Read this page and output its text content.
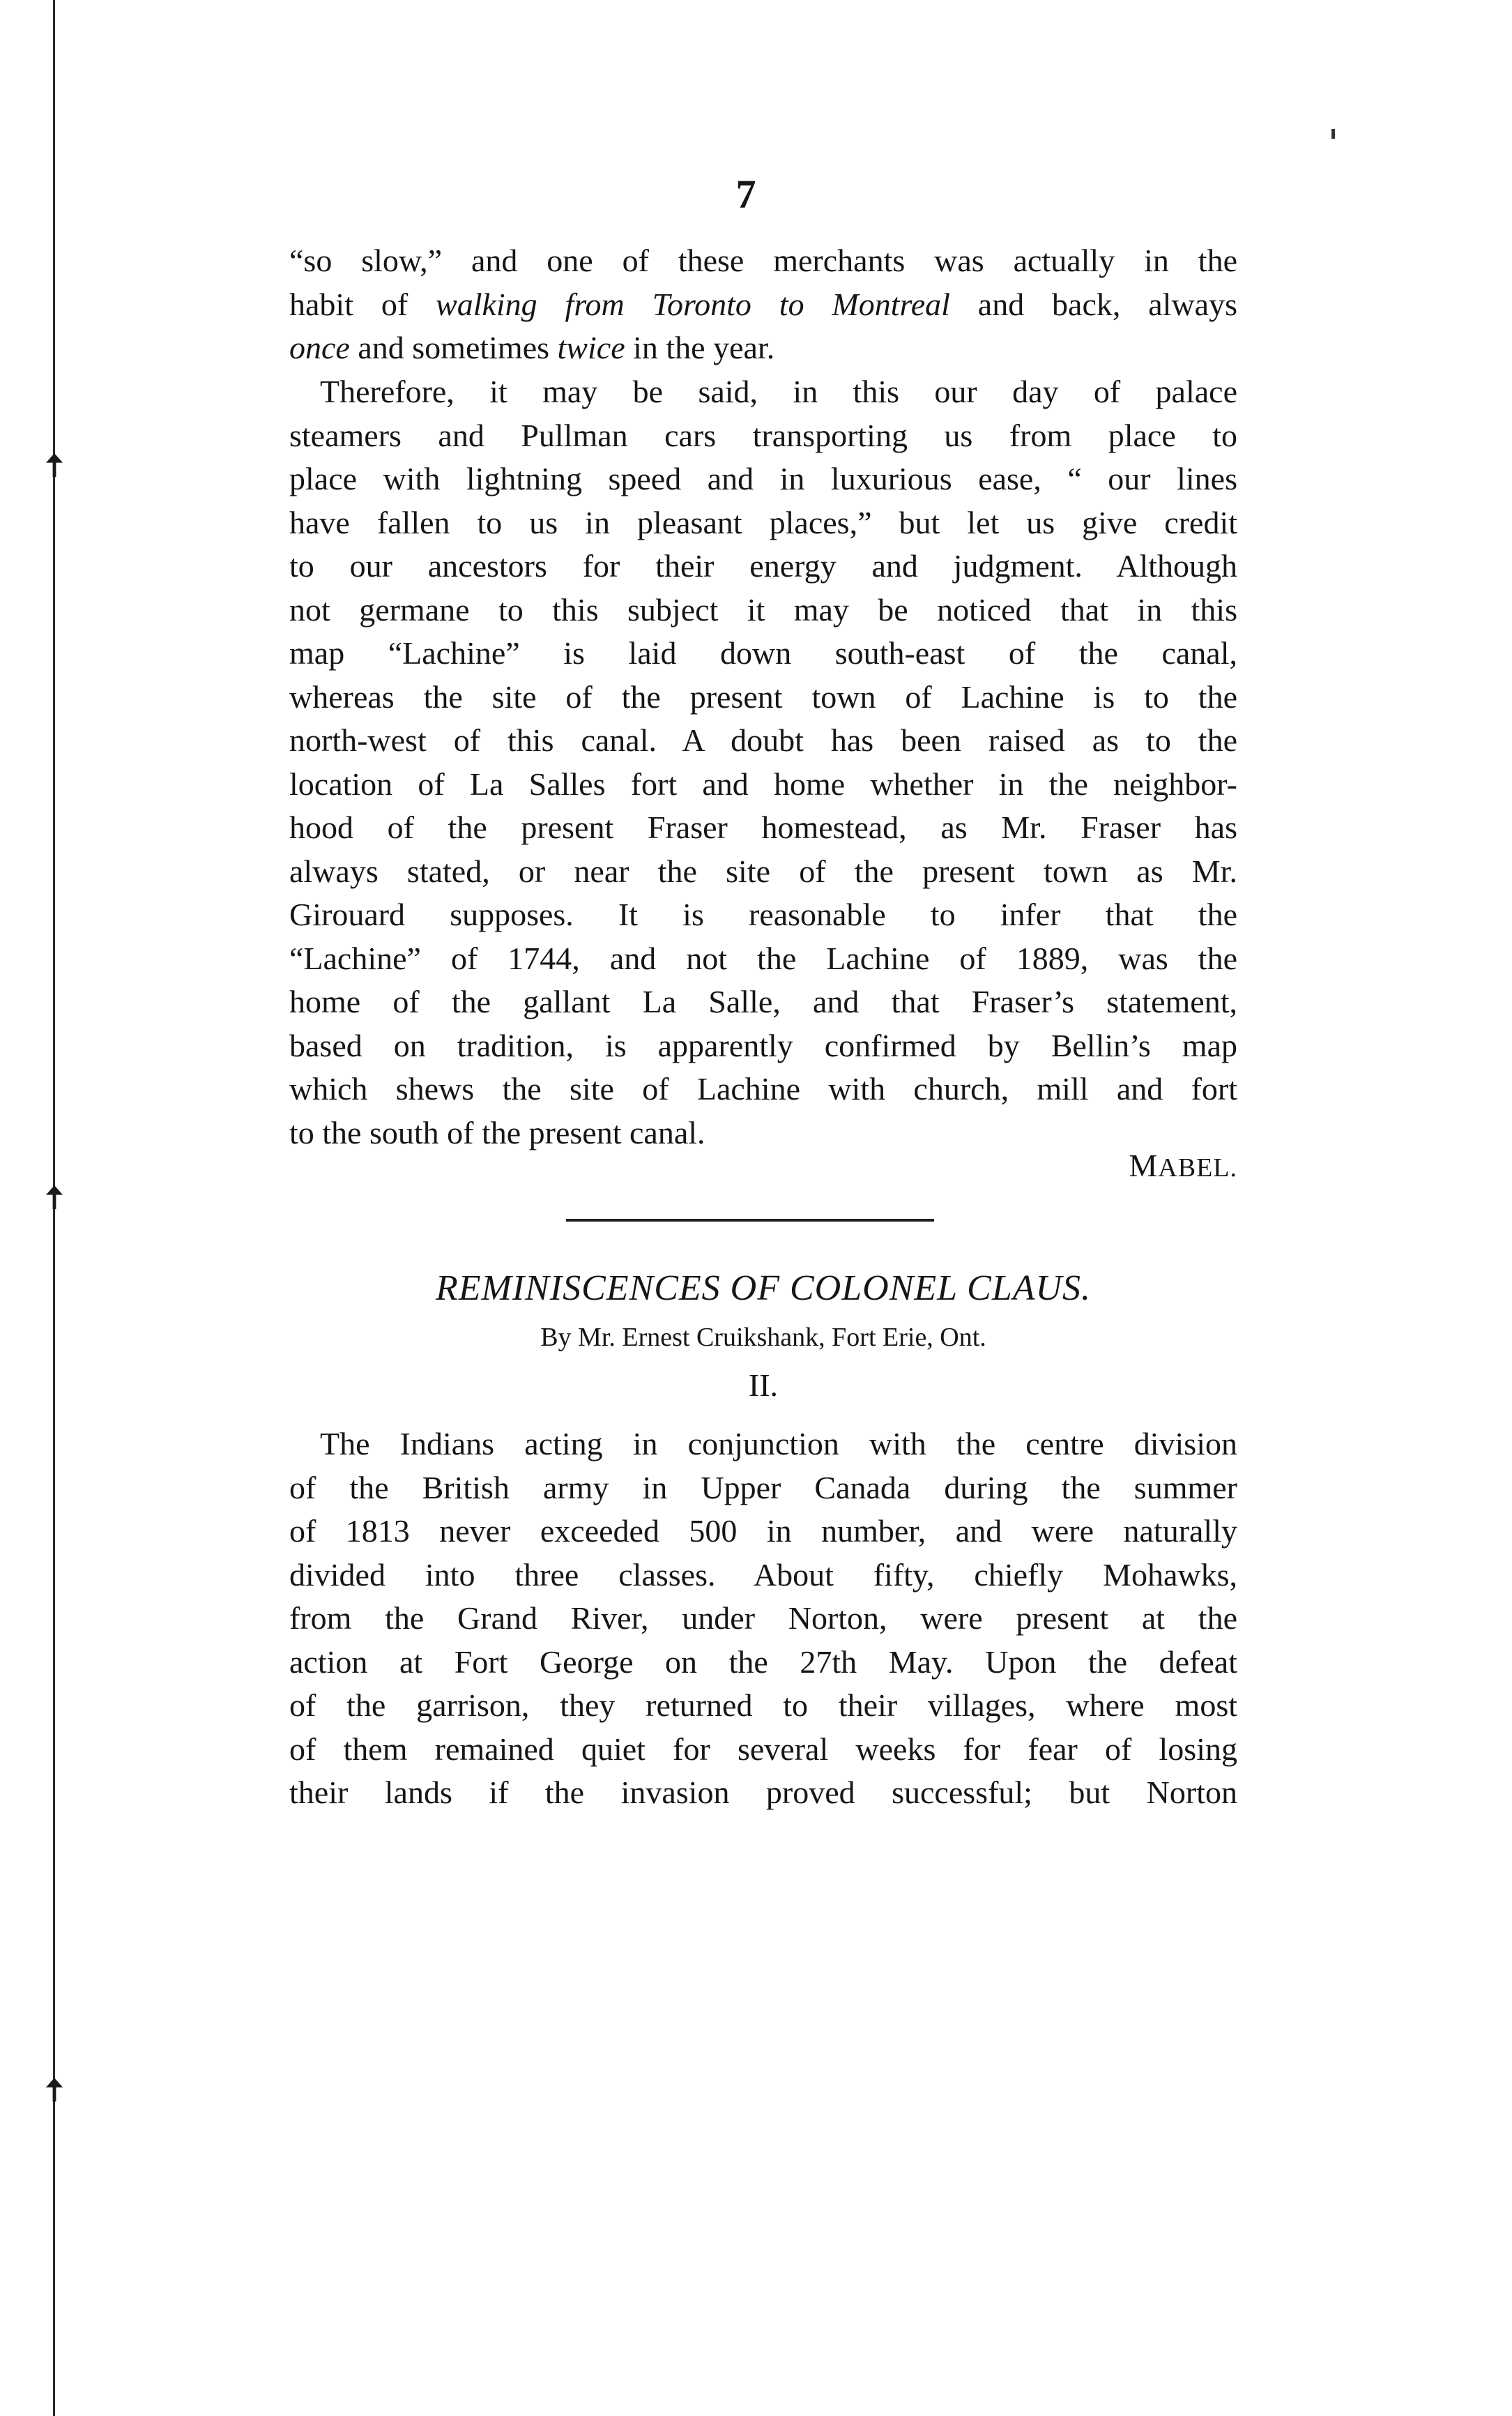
7
“so slow,” and one of these merchants was actually in the
habit of walking from Toronto to Montreal and back, always
once and sometimes twice in the year.
Therefore, it may be said, in this our day of palace
steamers and Pullman cars transporting us from place to
place with lightning speed and in luxurious ease, “ our lines
have fallen to us in pleasant places,” but let us give credit
to our ancestors for their energy and judgment. Although
not germane to this subject it may be noticed that in this
map “Lachine” is laid down south-east of the canal,
whereas the site of the present town of Lachine is to the
north-west of this canal. A doubt has been raised as to the
location of La Salles fort and home whether in the neighbor-
hood of the present Fraser homestead, as Mr. Fraser has
always stated, or near the site of the present town as Mr.
Girouard supposes. It is reasonable to infer that the
“Lachine” of 1744, and not the Lachine of 1889, was the
home of the gallant La Salle, and that Fraser’s statement,
based on tradition, is apparently confirmed by Bellin’s map
which shews the site of Lachine with church, mill and fort
to the south of the present canal.
MABEL.
REMINISCENCES OF COLONEL CLAUS.
By Mr. Ernest Cruikshank, Fort Erie, Ont.
II.
The Indians acting in conjunction with the centre division
of the British army in Upper Canada during the summer
of 1813 never exceeded 500 in number, and were naturally
divided into three classes. About fifty, chiefly Mohawks,
from the Grand River, under Norton, were present at the
action at Fort George on the 27th May. Upon the defeat
of the garrison, they returned to their villages, where most
of them remained quiet for several weeks for fear of losing
their lands if the invasion proved successful; but Norton
